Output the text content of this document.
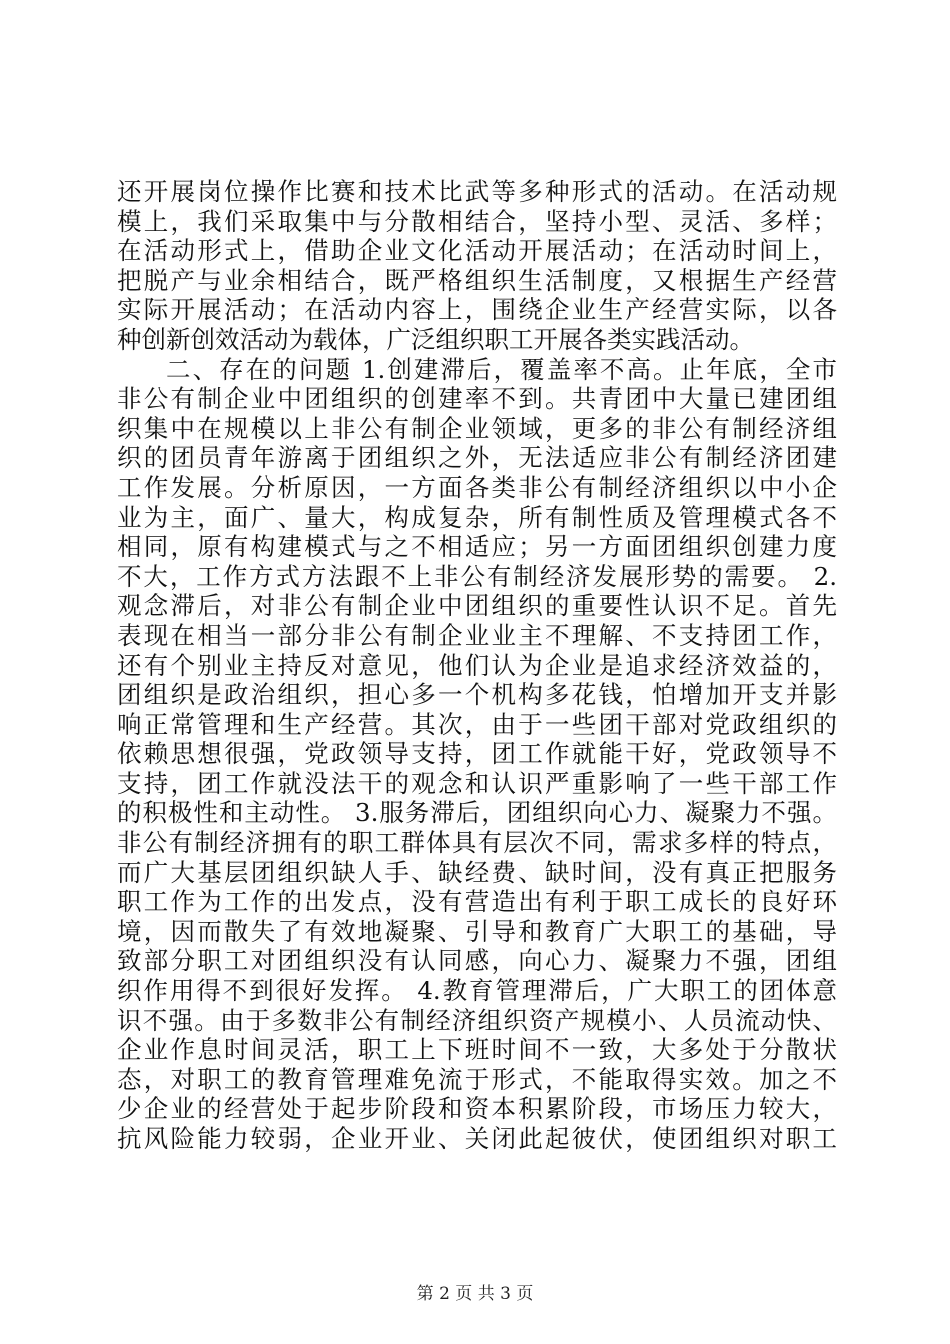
还开展岗位操作比赛和技术比武等多种形式的活动。在活动规
模上，我们采取集中与分散相结合，坚持小型、灵活、多样；
在活动形式上，借助企业文化活动开展活动；在活动时间上，
把脱产与业余相结合，既严格组织生活制度，又根据生产经营
实际开展活动；在活动内容上，围绕企业生产经营实际，以各
种创新创效活动为载体，广泛组织职工开展各类实践活动。
二、存在的问题 1.创建滞后，覆盖率不高。止年底，全市
非公有制企业中团组织的创建率不到。共青团中大量已建团组
织集中在规模以上非公有制企业领域，更多的非公有制经济组
织的团员青年游离于团组织之外，无法适应非公有制经济团建
工作发展。分析原因，一方面各类非公有制经济组织以中小企
业为主，面广、量大，构成复杂，所有制性质及管理模式各不
相同，原有构建模式与之不相适应；另一方面团组织创建力度
不大，工作方式方法跟不上非公有制经济发展形势的需要。 2.
观念滞后，对非公有制企业中团组织的重要性认识不足。首先
表现在相当一部分非公有制企业业主不理解、不支持团工作，
还有个别业主持反对意见，他们认为企业是追求经济效益的，
团组织是政治组织，担心多一个机构多花钱，怕增加开支并影
响正常管理和生产经营。其次，由于一些团干部对党政组织的
依赖思想很强，党政领导支持，团工作就能干好，党政领导不
支持，团工作就没法干的观念和认识严重影响了一些干部工作
的积极性和主动性。 3.服务滞后，团组织向心力、凝聚力不强。
非公有制经济拥有的职工群体具有层次不同，需求多样的特点，
而广大基层团组织缺人手、缺经费、缺时间，没有真正把服务
职工作为工作的出发点，没有营造出有利于职工成长的良好环
境，因而散失了有效地凝聚、引导和教育广大职工的基础，导
致部分职工对团组织没有认同感，向心力、凝聚力不强，团组
织作用得不到很好发挥。 4.教育管理滞后，广大职工的团体意
识不强。由于多数非公有制经济组织资产规模小、人员流动快、
企业作息时间灵活，职工上下班时间不一致，大多处于分散状
态，对职工的教育管理难免流于形式，不能取得实效。加之不
少企业的经营处于起步阶段和资本积累阶段，市场压力较大，
抗风险能力较弱，企业开业、关闭此起彼伏，使团组织对职工
第 2 页 共 3 页
